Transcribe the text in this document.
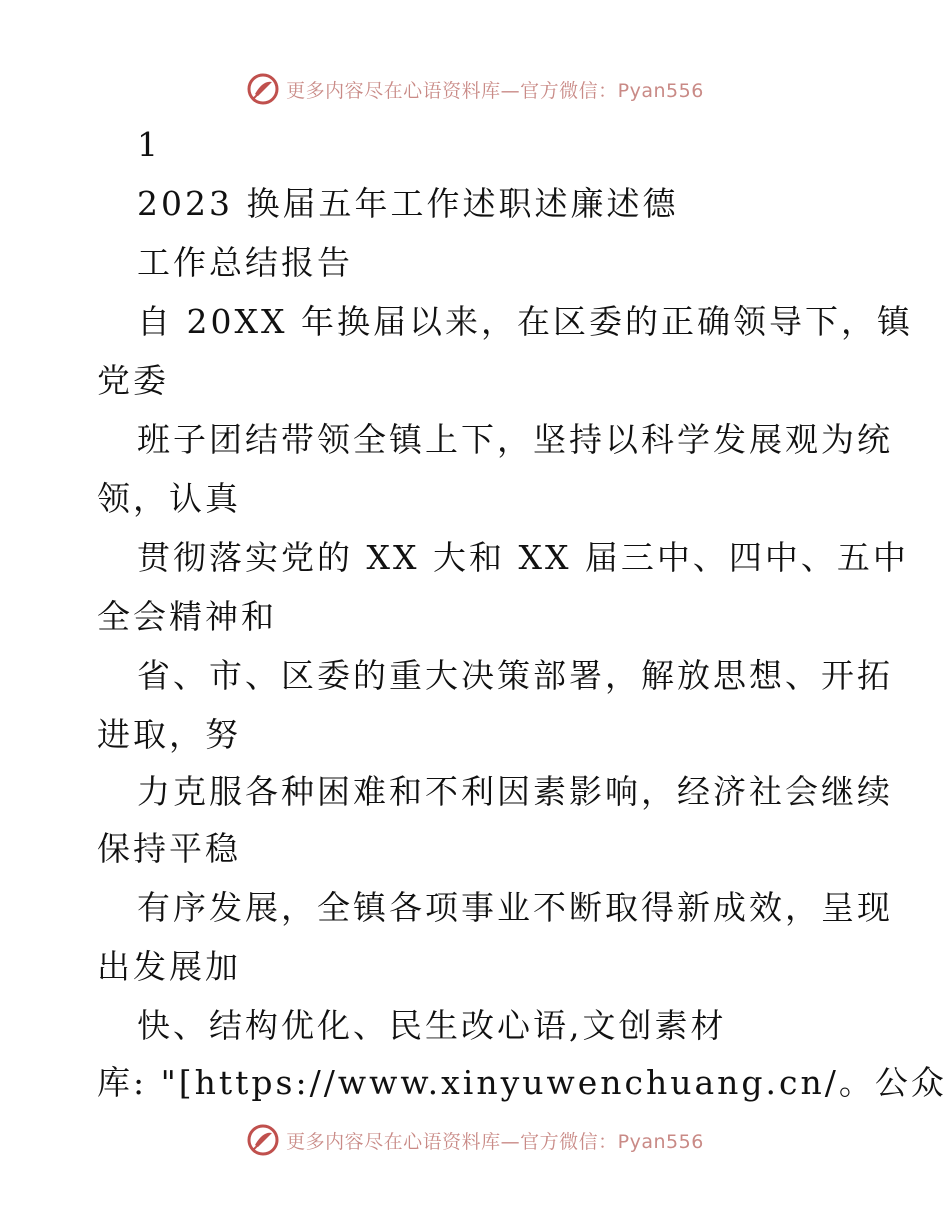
更多内容尽在心语资料库—官方微信：Pyan556
1
2023 换届五年工作述职述廉述德
工作总结报告
自 20XX 年换届以来，在区委的正确领导下，镇
党委
班子团结带领全镇上下，坚持以科学发展观为统
领，认真
贯彻落实党的 XX 大和 XX 届三中、四中、五中
全会精神和
省、市、区委的重大决策部署，解放思想、开拓
进取，努
力克服各种困难和不利因素影响，经济社会继续
保持平稳
有序发展，全镇各项事业不断取得新成效，呈现
出发展加
快、结构优化、民生改心语,文创素材
库: "[https://www.xinyuwenchuang.cn/。公众
更多内容尽在心语资料库—官方微信：Pyan556
